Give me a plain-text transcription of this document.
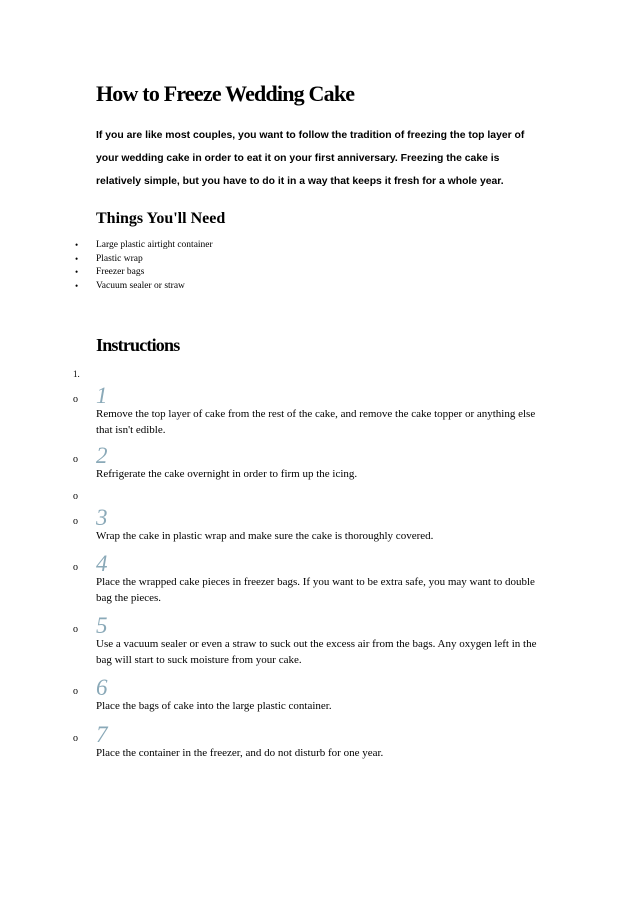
How to Freeze Wedding Cake

If you are like most couples, you want to follow the tradition of freezing the top layer of your wedding cake in order to eat it on your first anniversary. Freezing the cake is relatively simple, but you have to do it in a way that keeps it fresh for a whole year.

Things You'll Need
• Large plastic airtight container
• Plastic wrap
• Freezer bags
• Vacuum sealer or straw
Instructions
1.
o 1
Remove the top layer of cake from the rest of the cake, and remove the cake topper or anything else that isn't edible.
o 2
Refrigerate the cake overnight in order to firm up the icing.
o
o 3
Wrap the cake in plastic wrap and make sure the cake is thoroughly covered.
o 4
Place the wrapped cake pieces in freezer bags. If you want to be extra safe, you may want to double bag the pieces.
o 5
Use a vacuum sealer or even a straw to suck out the excess air from the bags. Any oxygen left in the bag will start to suck moisture from your cake.
o 6
Place the bags of cake into the large plastic container.
o 7
Place the container in the freezer, and do not disturb for one year.
